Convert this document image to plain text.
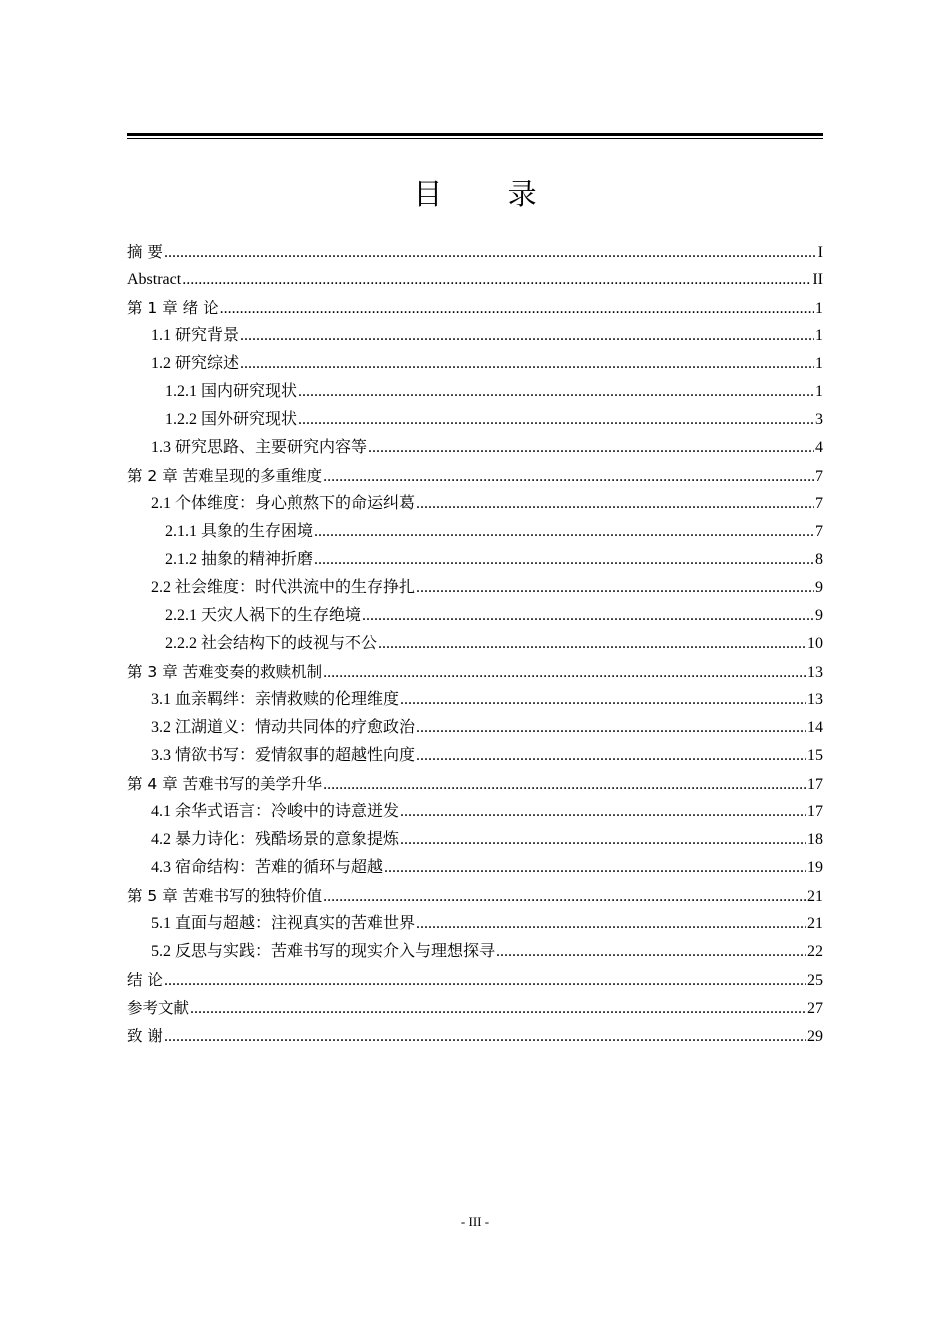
目 录
摘 要 .....	I
Abstract .....	II
第 1 章 绪 论 .....	1
1.1 研究背景 .....	1
1.2 研究综述 .....	1
1.2.1 国内研究现状 .....	1
1.2.2 国外研究现状 .....	3
1.3 研究思路、主要研究内容等 .....	4
第 2 章 苦难呈现的多重维度 .....	7
2.1 个体维度：身心煎熬下的命运纠葛 .....	7
2.1.1 具象的生存困境 .....	7
2.1.2 抽象的精神折磨 .....	8
2.2 社会维度：时代洪流中的生存挣扎 .....	9
2.2.1 天灾人祸下的生存绝境 .....	9
2.2.2 社会结构下的歧视与不公 .....	10
第 3 章 苦难变奏的救赎机制 .....	13
3.1 血亲羁绊：亲情救赎的伦理维度 .....	13
3.2 江湖道义：情动共同体的疗愈政治 .....	14
3.3 情欲书写：爱情叙事的超越性向度 .....	15
第 4 章 苦难书写的美学升华 .....	17
4.1 余华式语言：冷峻中的诗意迸发 .....	17
4.2 暴力诗化：残酷场景的意象提炼 .....	18
4.3 宿命结构：苦难的循环与超越 .....	19
第 5 章 苦难书写的独特价值 .....	21
5.1 直面与超越：注视真实的苦难世界 .....	21
5.2 反思与实践：苦难书写的现实介入与理想探寻 .....	22
结 论 .....	25
参考文献 .....	27
致 谢 .....	29
- III -
